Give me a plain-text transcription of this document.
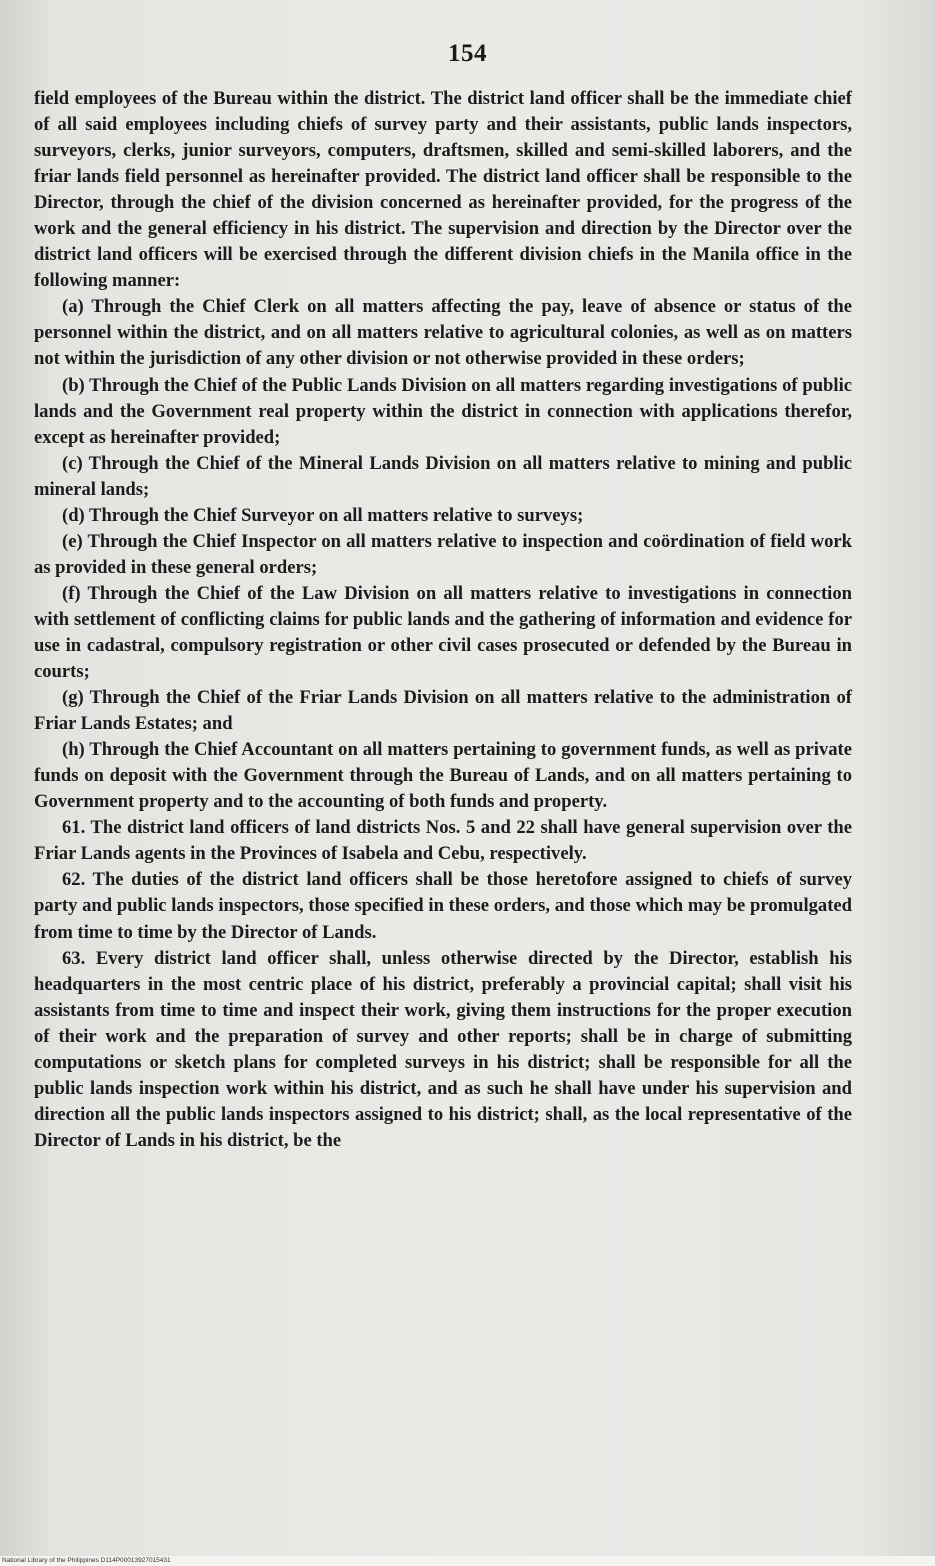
154

field employees of the Bureau within the district. The district land officer shall be the immediate chief of all said employees including chiefs of survey party and their assistants, public lands inspectors, surveyors, clerks, junior surveyors, computers, draftsmen, skilled and semi-skilled laborers, and the friar lands field personnel as hereinafter provided. The district land officer shall be responsible to the Director, through the chief of the division concerned as hereinafter provided, for the progress of the work and the general efficiency in his district. The supervision and direction by the Director over the district land officers will be exercised through the different division chiefs in the Manila office in the following manner:

(a) Through the Chief Clerk on all matters affecting the pay, leave of absence or status of the personnel within the district, and on all matters relative to agricultural colonies, as well as on matters not within the jurisdiction of any other division or not otherwise provided in these orders;

(b) Through the Chief of the Public Lands Division on all matters regarding investigations of public lands and the Government real property within the district in connection with applications therefor, except as hereinafter provided;

(c) Through the Chief of the Mineral Lands Division on all matters relative to mining and public mineral lands;

(d) Through the Chief Surveyor on all matters relative to surveys;

(e) Through the Chief Inspector on all matters relative to inspection and coördination of field work as provided in these general orders;

(f) Through the Chief of the Law Division on all matters relative to investigations in connection with settlement of conflicting claims for public lands and the gathering of information and evidence for use in cadastral, compulsory registration or other civil cases prosecuted or defended by the Bureau in courts;

(g) Through the Chief of the Friar Lands Division on all matters relative to the administration of Friar Lands Estates; and

(h) Through the Chief Accountant on all matters pertaining to government funds, as well as private funds on deposit with the Government through the Bureau of Lands, and on all matters pertaining to Government property and to the accounting of both funds and property.

61. The district land officers of land districts Nos. 5 and 22 shall have general supervision over the Friar Lands agents in the Provinces of Isabela and Cebu, respectively.

62. The duties of the district land officers shall be those heretofore assigned to chiefs of survey party and public lands inspectors, those specified in these orders, and those which may be promulgated from time to time by the Director of Lands.

63. Every district land officer shall, unless otherwise directed by the Director, establish his headquarters in the most centric place of his district, preferably a provincial capital; shall visit his assistants from time to time and inspect their work, giving them instructions for the proper execution of their work and the preparation of survey and other reports; shall be in charge of submitting computations or sketch plans for completed surveys in his district; shall be responsible for all the public lands inspection work within his district, and as such he shall have under his supervision and direction all the public lands inspectors assigned to his district; shall, as the local representative of the Director of Lands in his district, be the

National Library of the Philippines D114P00013927015431
